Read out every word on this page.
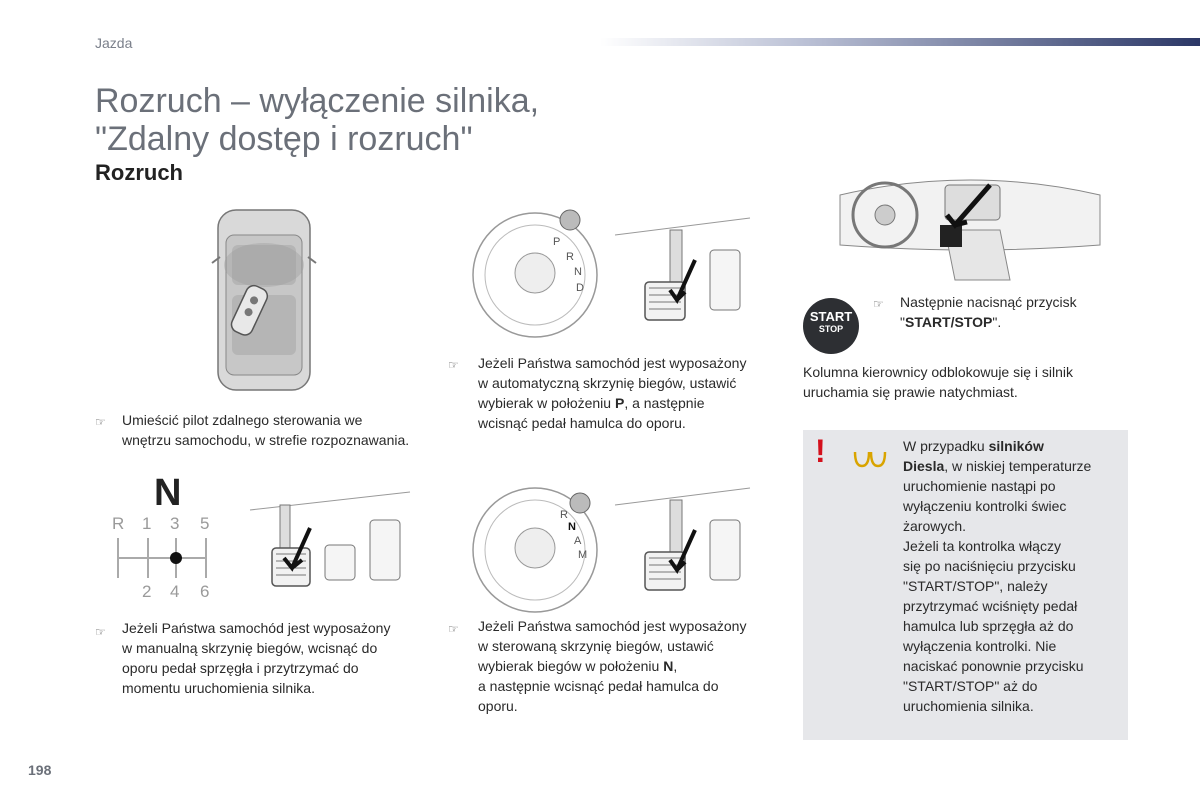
Jazda
Rozruch – wyłączenie silnika,
"Zdalny dostęp i rozruch"
Rozruch
☞ Umieścić pilot zdalnego sterowania we
wnętrzu samochodu, w strefie rozpoznawania.
P
R
N
D
☞ Jeżeli Państwa samochód jest wyposażony
w automatyczną skrzynię biegów, ustawić
wybierak w położeniu P, a następnie
wcisnąć pedał hamulca do oporu.
START
STOP
☞ Następnie nacisnąć przycisk
"START/STOP".
Kolumna kierownicy odblokowuje się i silnik
uruchamia się prawie natychmiast.
N
R 1 3 5
2 4 6
☞ Jeżeli Państwa samochód jest wyposażony
w manualną skrzynię biegów, wcisnąć do
oporu pedał sprzęgła i przytrzymać do
momentu uruchomienia silnika.
R
N
A
M
☞ Jeżeli Państwa samochód jest wyposażony
w sterowaną skrzynię biegów, ustawić
wybierak biegów w położeniu N,
a następnie wcisnąć pedał hamulca do
oporu.
!	W przypadku silników
Diesla, w niskiej temperaturze
uruchomienie nastąpi po
wyłączeniu kontrolki świec
żarowych.
Jeżeli ta kontrolka włączy
się po naciśnięciu przycisku
"START/STOP", należy
przytrzymać wciśnięty pedał
hamulca lub sprzęgła aż do
wyłączenia kontrolki. Nie
naciskać ponownie przycisku
"START/STOP" aż do
uruchomienia silnika.
198
